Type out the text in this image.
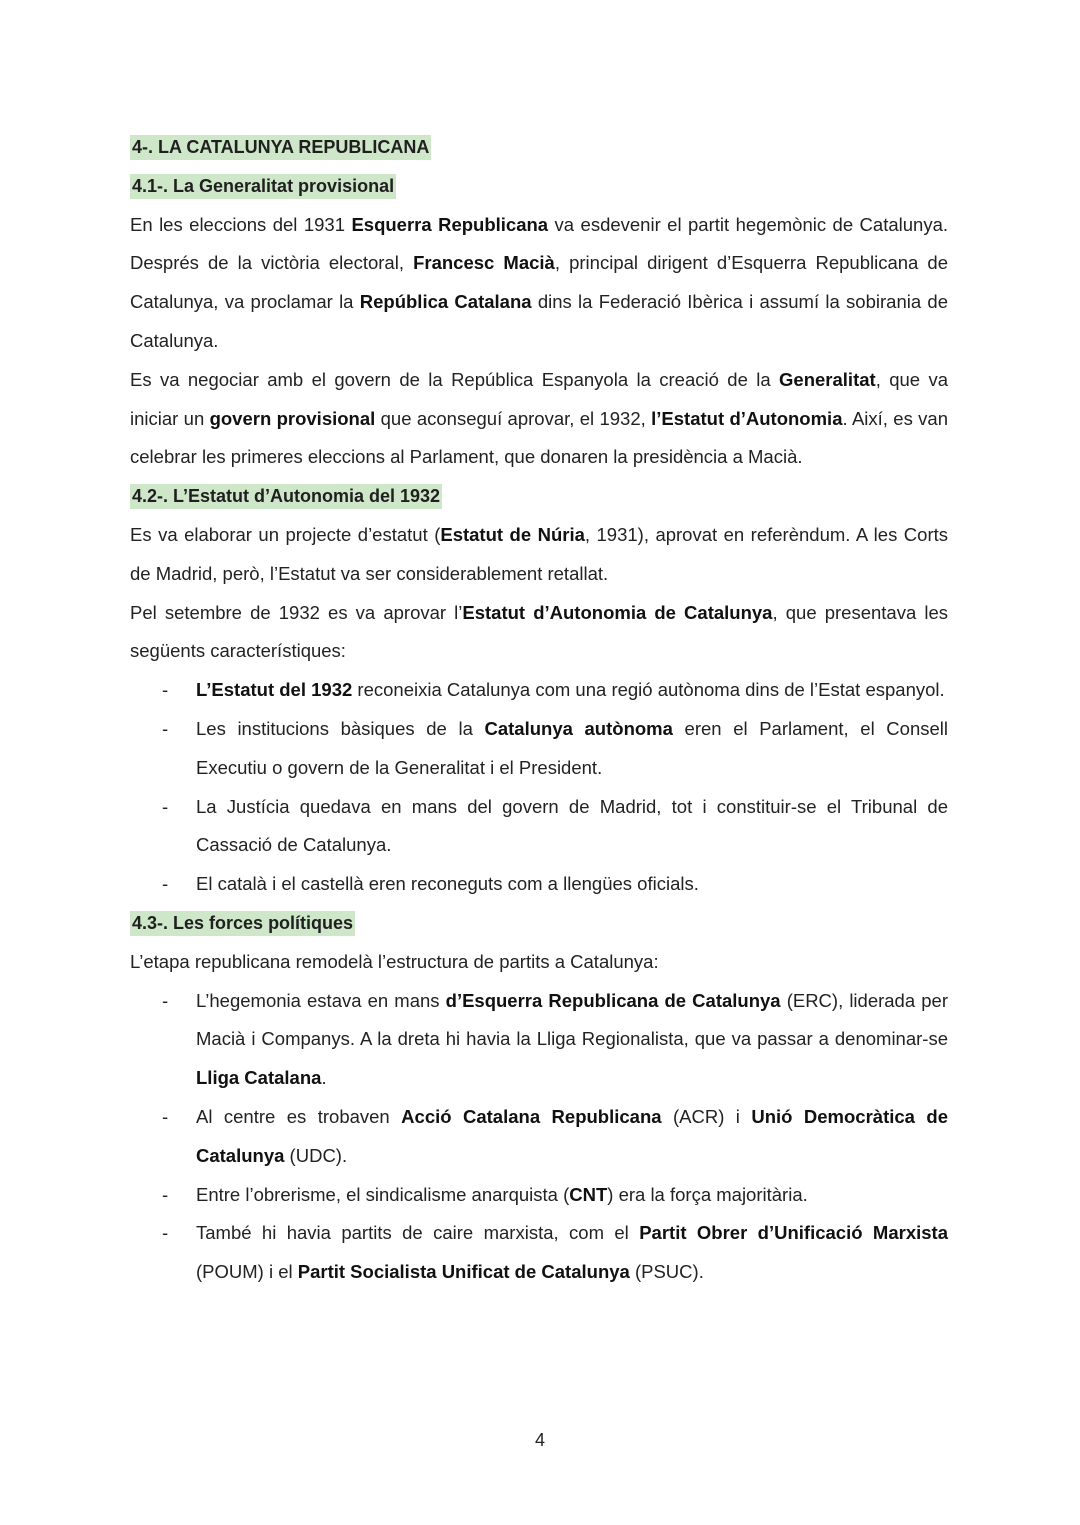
4-. LA CATALUNYA REPUBLICANA
4.1-. La Generalitat provisional

En les eleccions del 1931 Esquerra Republicana va esdevenir el partit hegemònic de Catalunya. Després de la victòria electoral, Francesc Macià, principal dirigent d’Esquerra Republicana de Catalunya, va proclamar la República Catalana dins la Federació Ibèrica i assumí la sobirania de Catalunya.

Es va negociar amb el govern de la República Espanyola la creació de la Generalitat, que va iniciar un govern provisional que aconseguí aprovar, el 1932, l’Estatut d’Autonomia. Així, es van celebrar les primeres eleccions al Parlament, que donaren la presidència a Macià.

4.2-. L’Estatut d’Autonomia del 1932

Es va elaborar un projecte d’estatut (Estatut de Núria, 1931), aprovat en referèndum. A les Corts de Madrid, però, l’Estatut va ser considerablement retallat.

Pel setembre de 1932 es va aprovar l’Estatut d’Autonomia de Catalunya, que presentava les següents característiques:

- L’Estatut del 1932 reconeixia Catalunya com una regió autònoma dins de l’Estat espanyol.
- Les institucions bàsiques de la Catalunya autònoma eren el Parlament, el Consell Executiu o govern de la Generalitat i el President.
- La Justícia quedava en mans del govern de Madrid, tot i constituir-se el Tribunal de Cassació de Catalunya.
- El català i el castellà eren reconeguts com a llengües oficials.
4.3-. Les forces polítiques

L’etapa republicana remodelà l’estructura de partits a Catalunya:

- L’hegemonia estava en mans d’Esquerra Republicana de Catalunya (ERC), liderada per Macià i Companys. A la dreta hi havia la Lliga Regionalista, que va passar a denominar-se Lliga Catalana.
- Al centre es trobaven Acció Catalana Republicana (ACR) i Unió Democràtica de Catalunya (UDC).
- Entre l’obrerisme, el sindicalisme anarquista (CNT) era la força majoritària.
- També hi havia partits de caire marxista, com el Partit Obrer d’Unificació Marxista (POUM) i el Partit Socialista Unificat de Catalunya (PSUC).
4
